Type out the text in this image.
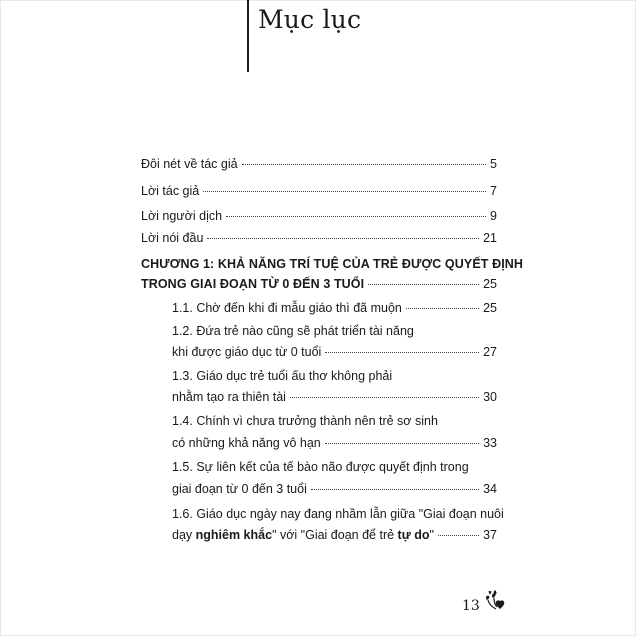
Mục lục
Đôi nét về tác giả	5
Lời tác giả	7
Lời người dịch	9
Lời nói đầu	21
CHƯƠNG 1: KHẢ NĂNG TRÍ TUỆ CỦA TRẺ ĐƯỢC QUYẾT ĐỊNH
TRONG GIAI ĐOẠN TỪ 0 ĐẾN 3 TUỔI	25
1.1. Chờ đến khi đi mẫu giáo thì đã muộn	25
1.2. Đứa trẻ nào cũng sẽ phát triển tài năng
khi được giáo dục từ 0 tuổi	27
1.3. Giáo dục trẻ tuổi ấu thơ không phải
nhằm tạo ra thiên tài	30
1.4. Chính vì chưa trưởng thành nên trẻ sơ sinh
có những khả năng vô hạn	33
1.5. Sự liên kết của tế bào não được quyết định trong
giai đoạn từ 0 đến 3 tuổi	34
1.6. Giáo dục ngày nay đang nhầm lẫn giữa "Giai đoạn nuôi
dạy nghiêm khắc" với "Giai đoạn để trẻ tự do"	37
13
